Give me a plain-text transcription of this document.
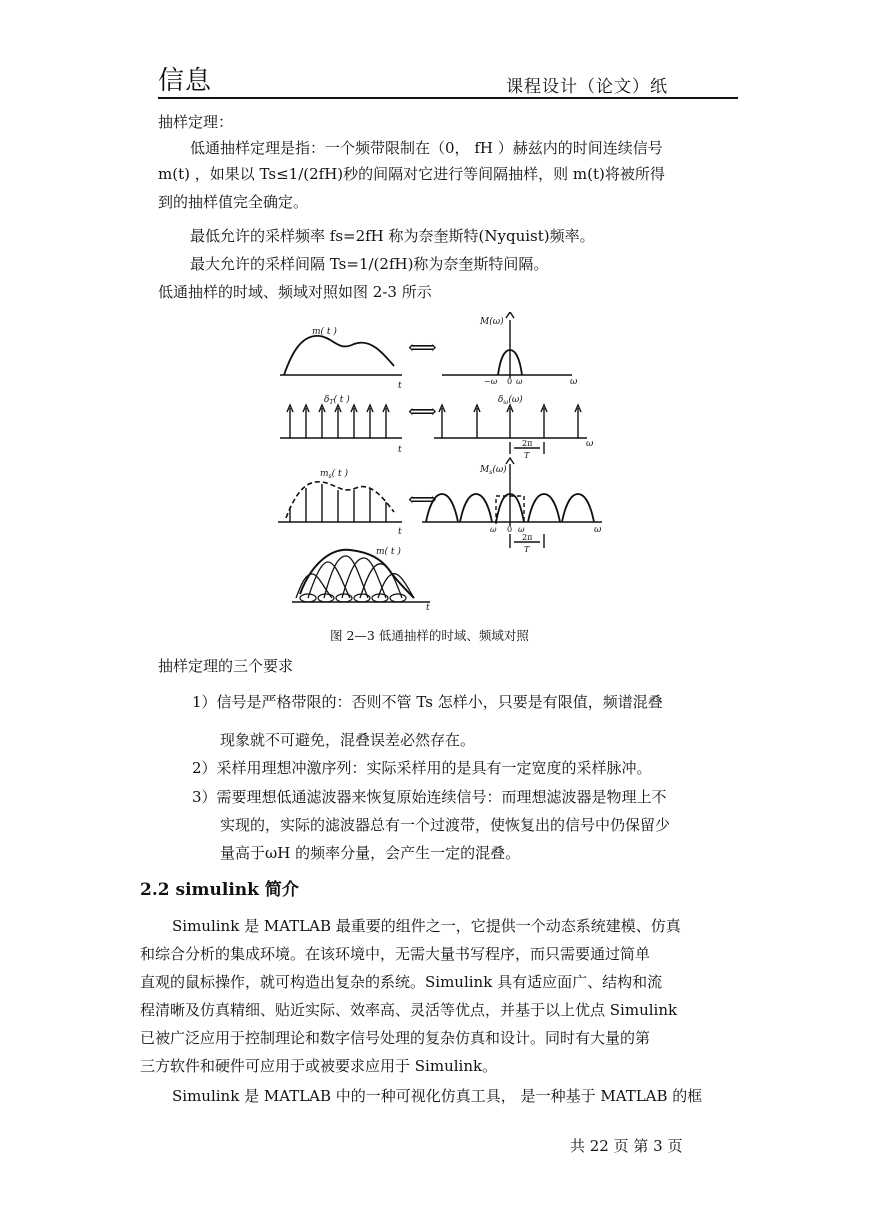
信息	课程设计（论文）纸
抽样定理：
低通抽样定理是指：一个频带限制在（0， fH ）赫兹内的时间连续信号
m(t) ，如果以 Ts≤1/(2fH)秒的间隔对它进行等间隔抽样，则 m(t)将被所得
到的抽样值完全确定。
最低允许的采样频率 fs=2fH 称为奈奎斯特(Nyquist)频率。
最大允许的采样间隔 Ts=1/(2fH)称为奈奎斯特间隔。
低通抽样的时域、频域对照如图 2-3 所示
⟺
⟺
⟺
m( t )
t
M(ω)
−ω 0 ω	ω
$\delta_T$( t )
t
$\delta_\omega(\omega)$
2π
T
ω
$m_s$( t )
t
$M_s(\omega)$
ω 0 ω
2π
T
ω
m( t )
t
图 2—3 低通抽样的时域、频域对照
抽样定理的三个要求
1）信号是严格带限的：否则不管 Ts 怎样小，只要是有限值，频谱混叠
现象就不可避免，混叠误差必然存在。
2）采样用理想冲激序列：实际采样用的是具有一定宽度的采样脉冲。
3）需要理想低通滤波器来恢复原始连续信号：而理想滤波器是物理上不
实现的，实际的滤波器总有一个过渡带，使恢复出的信号中仍保留少
量高于ωH 的频率分量，会产生一定的混叠。
2.2 simulink 简介
Simulink 是 MATLAB 最重要的组件之一，它提供一个动态系统建模、仿真
和综合分析的集成环境。在该环境中，无需大量书写程序，而只需要通过简单
直观的鼠标操作，就可构造出复杂的系统。Simulink 具有适应面广、结构和流
程清晰及仿真精细、贴近实际、效率高、灵活等优点，并基于以上优点 Simulink
已被广泛应用于控制理论和数字信号处理的复杂仿真和设计。同时有大量的第
三方软件和硬件可应用于或被要求应用于 Simulink。
Simulink 是 MATLAB 中的一种可视化仿真工具， 是一种基于 MATLAB 的框
共 22 页 第 3 页
